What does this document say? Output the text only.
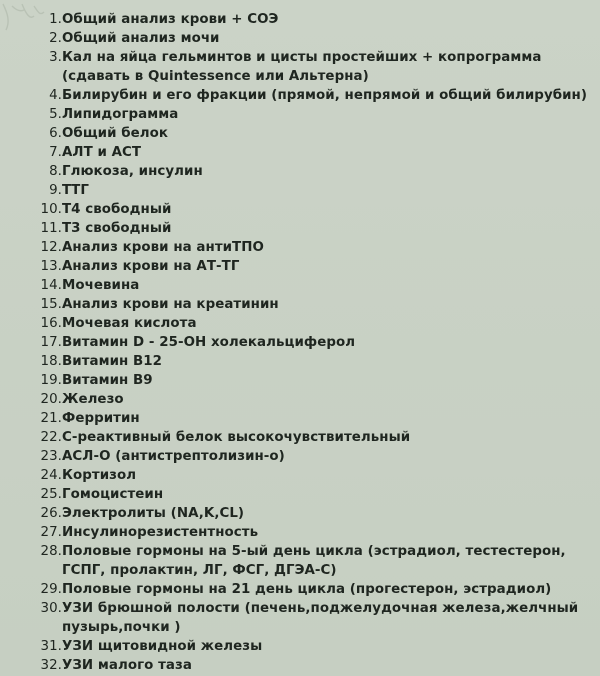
1. Общий анализ крови + СОЭ
2. Общий анализ мочи
3. Кал на яйца гельминтов и цисты простейших + копрограмма
(сдавать в Quintessence или Альтерна)
4. Билирубин и его фракции (прямой, непрямой и общий билирубин)
5. Липидограмма
6. Общий белок
7. АЛТ и АСТ
8. Глюкоза, инсулин
9. ТТГ
10. Т4 свободный
11. Т3 свободный
12. Анализ крови на антиТПО
13. Анализ крови на АТ-ТГ
14. Мочевина
15. Анализ крови на креатинин
16. Мочевая кислота
17. Витамин D - 25-ОН холекальциферол
18. Витамин B12
19. Витамин B9
20. Железо
21. Ферритин
22. С-реактивный белок высокочувствительный
23. АСЛ-О (антистрептолизин-о)
24. Кортизол
25. Гомоцистеин
26. Электролиты (NA,K,CL)
27. Инсулинорезистентность
28. Половые гормоны на 5-ый день цикла (эстрадиол, тестестерон,
ГСПГ, пролактин, ЛГ, ФСГ, ДГЭА-С)
29. Половые гормоны на 21 день цикла (прогестерон, эстрадиол)
30. УЗИ брюшной полости (печень,поджелудочная железа,желчный
пузырь,почки )
31. УЗИ щитовидной железы
32. УЗИ малого таза
